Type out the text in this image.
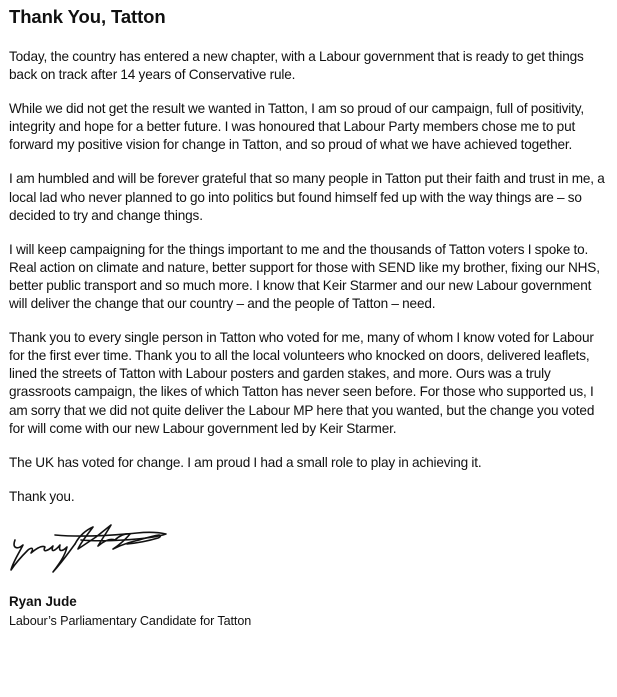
Thank You, Tatton

Today, the country has entered a new chapter, with a Labour government that is ready to get things back on track after 14 years of Conservative rule.

While we did not get the result we wanted in Tatton, I am so proud of our campaign, full of positivity, integrity and hope for a better future. I was honoured that Labour Party members chose me to put forward my positive vision for change in Tatton, and so proud of what we have achieved together.

I am humbled and will be forever grateful that so many people in Tatton put their faith and trust in me, a local lad who never planned to go into politics but found himself fed up with the way things are – so decided to try and change things.

I will keep campaigning for the things important to me and the thousands of Tatton voters I spoke to. Real action on climate and nature, better support for those with SEND like my brother, fixing our NHS, better public transport and so much more. I know that Keir Starmer and our new Labour government will deliver the change that our country – and the people of Tatton – need.

Thank you to every single person in Tatton who voted for me, many of whom I know voted for Labour for the first ever time. Thank you to all the local volunteers who knocked on doors, delivered leaflets, lined the streets of Tatton with Labour posters and garden stakes, and more. Ours was a truly grassroots campaign, the likes of which Tatton has never seen before. For those who supported us, I am sorry that we did not quite deliver the Labour MP here that you wanted, but the change you voted for will come with our new Labour government led by Keir Starmer.

The UK has voted for change. I am proud I had a small role to play in achieving it.

Thank you.

Ryan Jude
Labour’s Parliamentary Candidate for Tatton
